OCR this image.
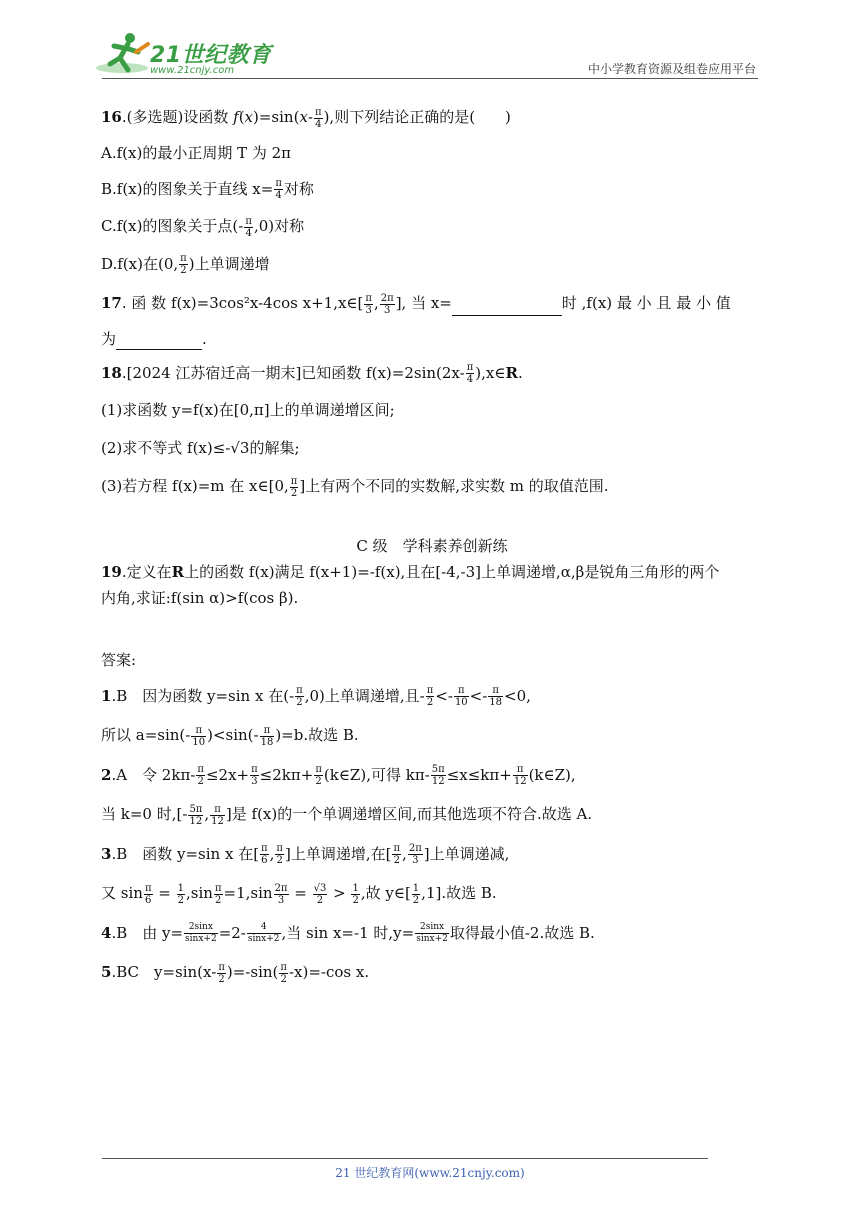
21世纪教育
www.21cnjy.com	中小学教育资源及组卷应用平台

16.(多选题)设函数 $f(x)=\sin(x- \frac{\pi}{4}$ ),则下列结论正确的是(　　)

A.f(x)的最小正周期 T 为 2π

B.f(x)的图象关于直线 $x= \frac{\pi}{4}$ 对称

C.f(x)的图象关于点(- $\frac{\pi}{4} ,0$)对称

D.f(x)在(0, $\frac{\pi}{2}$ )上单调递增

17. 函 数 f(x)=3cos²x-4cos x+1,x∈[ $\frac{\pi}{3}$ , $\frac{2\pi}{3}$ ], 当 x=	时 ,f(x) 最 小 且 最 小 值

为	.

18.[2024 江苏宿迁高一期末]已知函数 $f(x)=2\sin(2x- \frac{\pi}{4}$ ),x∈R.

(1)求函数 y=f(x)在[0,π]上的单调递增区间;

(2)求不等式 f(x)≤-√3的解集;

(3)若方程 f(x)=m 在 x∈[0, $\frac{\pi}{2}$ ]上有两个不同的实数解,求实数 m 的取值范围.

C 级　学科素养创新练

19.定义在R上的函数 f(x)满足 f(x+1)=-f(x),且在[-4,-3]上单调递增,α,β是锐角三角形的两个

内角,求证:f(sin α)>f(cos β).

答案:

1.B　因为函数 y=sin x 在(- $\frac{\pi}{2} ,0$)上单调递增,且- $\frac{\pi}{2} <- \frac{\pi}{10} <- \frac{\pi}{18} <0$,

所以 $a=\sin(- \frac{\pi}{10} )<\sin(- \frac{\pi}{18} )=b$.故选 B.

2.A　令 $2k\pi- \frac{\pi}{2} \le 2x+ \frac{\pi}{3} \le 2k\pi+ \frac{\pi}{2}$ (k∈Z),可得 $k\pi- \frac{5\pi}{12} \le x\le k\pi+ \frac{\pi}{12}$ (k∈Z),

当 k=0 时,[- $\frac{5\pi}{12}$ , $\frac{\pi}{12}$ ]是 f(x)的一个单调递增区间,而其他选项不符合.故选 A.

3.B　函数 y=sin x 在[ $\frac{\pi}{6}$ , $\frac{\pi}{2}$ ]上单调递增,在[ $\frac{\pi}{2}$ , $\frac{2\pi}{3}$ ]上单调递减,

又 $\sin \frac{\pi}{6} = \frac{1}{2} ,\sin \frac{\pi}{2} =1,\sin \frac{2\pi}{3} = \frac{√3}{2} > \frac{1}{2}$ ,故 y∈[ $\frac{1}{2} ,1$].故选 B.

4.B　由 $y= \frac{2\sin x}{\sin x+2} =2- \frac{4}{\sin x+2}$ ,当 sin x=-1 时$,y= \frac{2\sin x}{\sin x+2}$ 取得最小值-2.故选 B.

5.BC　$y=\sin(x- \frac{\pi}{2} )=-\sin( \frac{\pi}{2} -x)=-\cos$ x.

21 世纪教育网(www.21cnjy.com)
